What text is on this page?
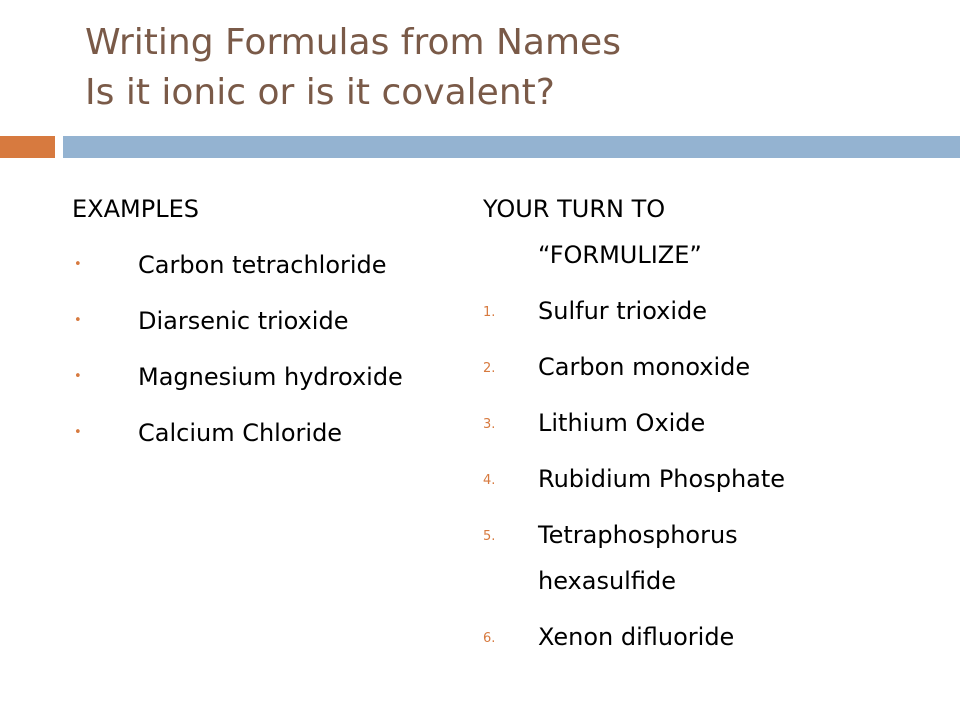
Writing Formulas from Names
Is it ionic or is it covalent?
EXAMPLES
• Carbon tetrachloride
• Diarsenic trioxide
• Magnesium hydroxide
• Calcium Chloride
YOUR TURN TO
“FORMULIZE”
1. Sulfur trioxide
2. Carbon monoxide
3. Lithium Oxide
4. Rubidium Phosphate
5. Tetraphosphorus hexasulfide
6. Xenon difluoride
